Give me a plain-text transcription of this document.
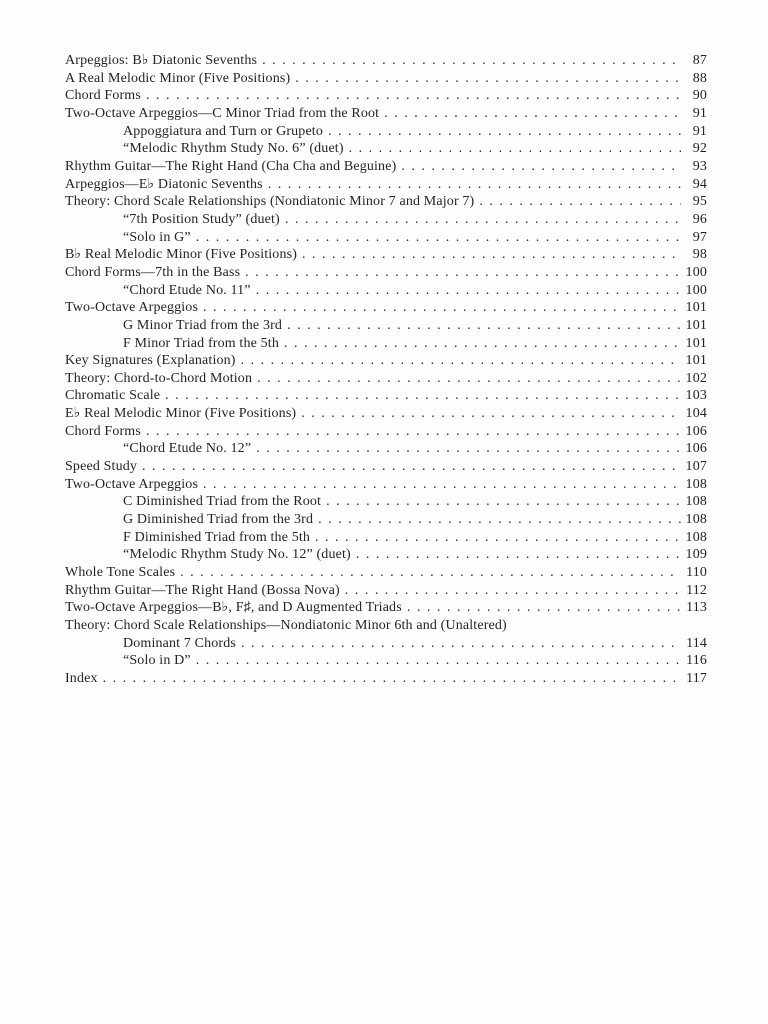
Arpeggios: B♭ Diatonic Sevenths . . .	87
A Real Melodic Minor (Five Positions) . . .	88
Chord Forms . . .	90
Two-Octave Arpeggios—C Minor Triad from the Root . . .	91
Appoggiatura and Turn or Grupeto . . .	91
“Melodic Rhythm Study No. 6” (duet) . . .	92
Rhythm Guitar—The Right Hand (Cha Cha and Beguine) . . .	93
Arpeggios—E♭ Diatonic Sevenths . . .	94
Theory: Chord Scale Relationships (Nondiatonic Minor 7 and Major 7) . . .	95
“7th Position Study” (duet) . . .	96
“Solo in G” . . .	97
B♭ Real Melodic Minor (Five Positions) . . .	98
Chord Forms—7th in the Bass . . .	100
“Chord Etude No. 11” . . .	100
Two-Octave Arpeggios . . .	101
G Minor Triad from the 3rd . . .	101
F Minor Triad from the 5th . . .	101
Key Signatures (Explanation) . . .	101
Theory: Chord-to-Chord Motion . . .	102
Chromatic Scale . . .	103
E♭ Real Melodic Minor (Five Positions) . . .	104
Chord Forms . . .	106
“Chord Etude No. 12” . . .	106
Speed Study . . .	107
Two-Octave Arpeggios . . .	108
C Diminished Triad from the Root . . .	108
G Diminished Triad from the 3rd . . .	108
F Diminished Triad from the 5th . . .	108
“Melodic Rhythm Study No. 12” (duet) . . .	109
Whole Tone Scales . . .	110
Rhythm Guitar—The Right Hand (Bossa Nova) . . .	112
Two-Octave Arpeggios—B♭, F♯, and D Augmented Triads . . .	113
Theory: Chord Scale Relationships—Nondiatonic Minor 6th and (Unaltered)
Dominant 7 Chords . . .	114
“Solo in D” . . .	116
Index . . .	117
